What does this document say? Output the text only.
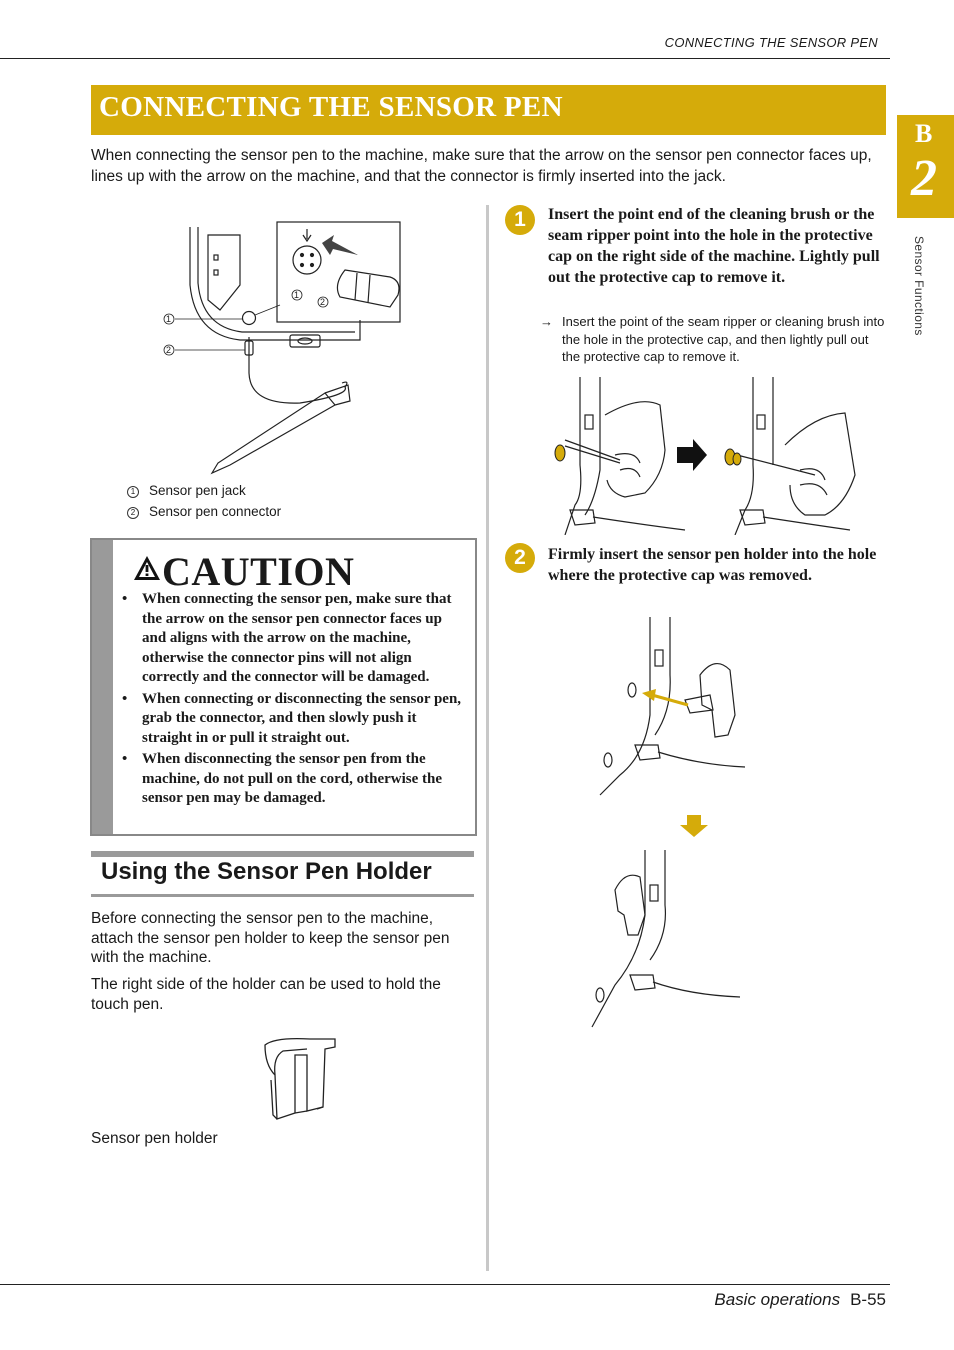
CONNECTING THE SENSOR PEN
CONNECTING THE SENSOR PEN
B
2
Sensor Functions
When connecting the sensor pen to the machine, make sure that the arrow on the sensor pen connector faces up, lines up with the arrow on the machine, and that the connector is firmly inserted into the jack.
1
2
1
2
1 Sensor pen jack
2 Sensor pen connector
CAUTION
• When connecting the sensor pen, make sure that the arrow on the sensor pen connector faces up and aligns with the arrow on the machine, otherwise the connector pins will not align correctly and the connector will be damaged.
• When connecting or disconnecting the sensor pen, grab the connector, and then slowly push it straight in or pull it straight out.
• When disconnecting the sensor pen from the machine, do not pull on the cord, otherwise the sensor pen may be damaged.
Using the Sensor Pen Holder
Before connecting the sensor pen to the machine, attach the sensor pen holder to keep the sensor pen with the machine.
The right side of the holder can be used to hold the touch pen.
Sensor pen holder
1	Insert the point end of the cleaning brush or the seam ripper point into the hole in the protective cap on the right side of the machine. Lightly pull out the protective cap to remove it.
→ Insert the point of the seam ripper or cleaning brush into the hole in the protective cap, and then lightly pull out the protective cap to remove it.
2	Firmly insert the sensor pen holder into the hole where the protective cap was removed.
Basic operations B-55
